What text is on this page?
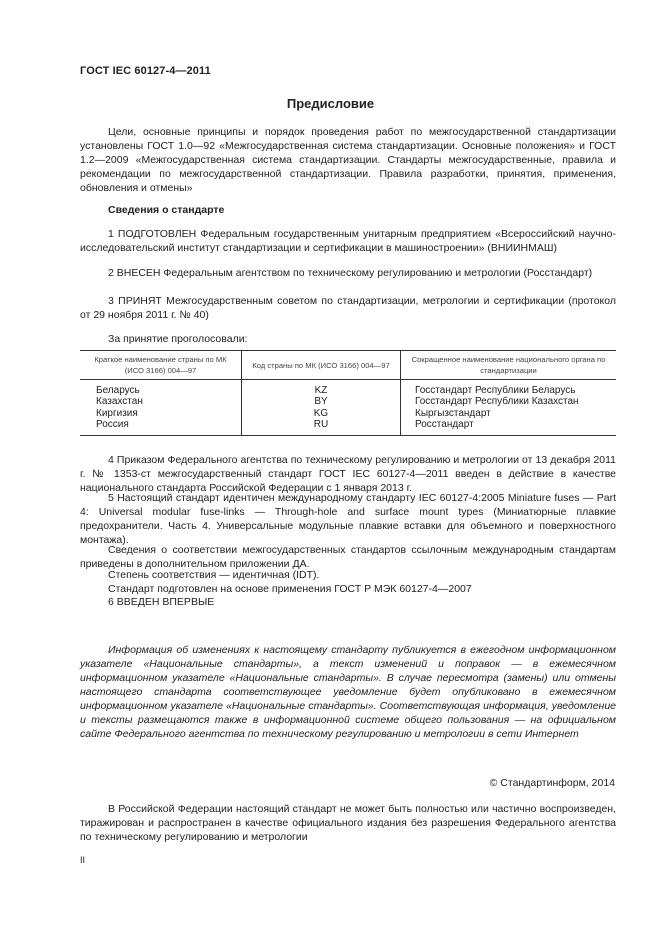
ГОСТ IEC 60127-4—2011
Предисловие
Цели, основные принципы и порядок проведения работ по межгосударственной стандартизации установлены ГОСТ 1.0—92 «Межгосударственная система стандартизации. Основные положения» и ГОСТ 1.2—2009 «Межгосударственная система стандартизации. Стандарты межгосударственные, правила и рекомендации по межгосударственной стандартизации. Правила разработки, принятия, применения, обновления и отмены»
Сведения о стандарте
1 ПОДГОТОВЛЕН Федеральным государственным унитарным предприятием «Всероссийский научно-исследовательский институт стандартизации и сертификации в машиностроении» (ВНИИНМАШ)
2 ВНЕСЕН Федеральным агентством по техническому регулированию и метрологии (Росстандарт)
3 ПРИНЯТ Межгосударственным советом по стандартизации, метрологии и сертификации (протокол от 29 ноября 2011 г. № 40)
За принятие проголосовали:
Краткое наименование страны по МК (ИСО 3166) 004—97	Код страны по МК (ИСО 3166) 004—97	Сокращенное наименование национального органа по стандартизации
Беларусь	KZ	Госстандарт Республики Беларусь
Казахстан	BY	Госстандарт Республики Казахстан
Киргизия	KG	Кыргызстандарт
Россия	RU	Росстандарт
4 Приказом Федерального агентства по техническому регулированию и метрологии от 13 декабря 2011 г. № 1353-ст межгосударственный стандарт ГОСТ IEC 60127-4—2011 введен в действие в качестве национального стандарта Российской Федерации с 1 января 2013 г.
5 Настоящий стандарт идентичен международному стандарту IEC 60127-4:2005 Miniature fuses — Part 4: Universal modular fuse-links — Through-hole and surface mount types (Миниатюрные плавкие предохранители. Часть 4. Универсальные модульные плавкие вставки для объемного и поверхностного монтажа).
Сведения о соответствии межгосударственных стандартов ссылочным международным стандартам приведены в дополнительном приложении ДА.
Степень соответствия — идентичная (IDT).
Стандарт подготовлен на основе применения ГОСТ Р МЭК 60127-4—2007
6 ВВЕДЕН ВПЕРВЫЕ
Информация об изменениях к настоящему стандарту публикуется в ежегодном информационном указателе «Национальные стандарты», а текст изменений и поправок — в ежемесячном информационном указателе «Национальные стандарты». В случае пересмотра (замены) или отмены настоящего стандарта соответствующее уведомление будет опубликовано в ежемесячном информационном указателе «Национальные стандарты». Соответствующая информация, уведомление и тексты размещаются также в информационной системе общего пользования — на официальном сайте Федерального агентства по техническому регулированию и метрологии в сети Интернет
© Стандартинформ, 2014
В Российской Федерации настоящий стандарт не может быть полностью или частично воспроизведен, тиражирован и распространен в качестве официального издания без разрешения Федерального агентства по техническому регулированию и метрологии
II
